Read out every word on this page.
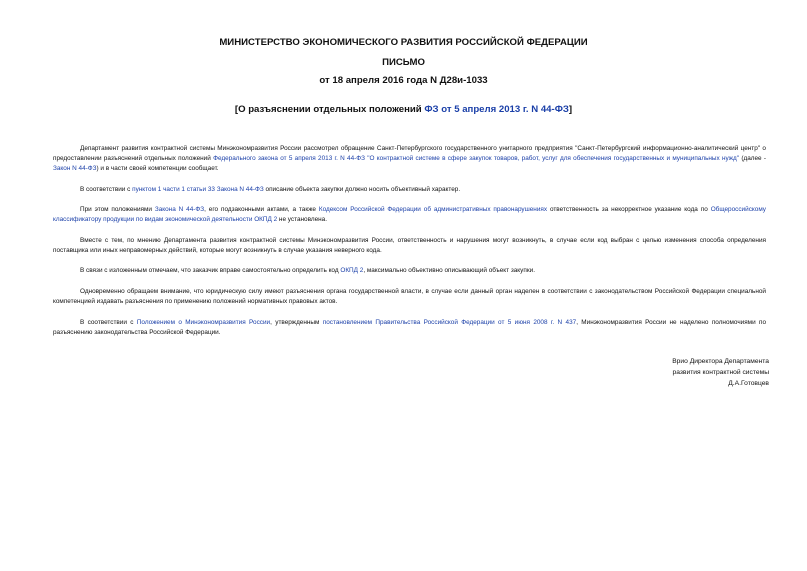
МИНИСТЕРСТВО ЭКОНОМИЧЕСКОГО РАЗВИТИЯ РОССИЙСКОЙ ФЕДЕРАЦИИ
ПИСЬМО
от 18 апреля 2016 года N Д28и-1033
[О разъяснении отдельных положений ФЗ от 5 апреля 2013 г. N 44-ФЗ]

Департамент развития контрактной системы Минэкономразвития России рассмотрел обращение Санкт-Петербургского государственного унитарного предприятия "Санкт-Петербургский информационно-аналитический центр" о предоставлении разъяснений отдельных положений Федерального закона от 5 апреля 2013 г. N 44-ФЗ "О контрактной системе в сфере закупок товаров, работ, услуг для обеспечения государственных и муниципальных нужд" (далее - Закон N 44-ФЗ) и в части своей компетенции сообщает.

В соответствии с пунктом 1 части 1 статьи 33 Закона N 44-ФЗ описание объекта закупки должно носить объективный характер.

При этом положениями Закона N 44-ФЗ, его подзаконными актами, а также Кодексом Российской Федерации об административных правонарушениях ответственность за некорректное указание кода по Общероссийскому классификатору продукции по видам экономической деятельности ОКПД 2 не установлена.

Вместе с тем, по мнению Департамента развития контрактной системы Минэкономразвития России, ответственность и нарушения могут возникнуть, в случае если код выбран с целью изменения способа определения поставщика или иных неправомерных действий, которые могут возникнуть в случае указания неверного кода.

В связи с изложенным отмечаем, что заказчик вправе самостоятельно определить код ОКПД 2, максимально объективно описывающий объект закупки.

Одновременно обращаем внимание, что юридическую силу имеют разъяснения органа государственной власти, в случае если данный орган наделен в соответствии с законодательством Российской Федерации специальной компетенцией издавать разъяснения по применению положений нормативных правовых актов.

В соответствии с Положением о Минэкономразвития России, утвержденным постановлением Правительства Российской Федерации от 5 июня 2008 г. N 437, Минэкономразвития России не наделено полномочиями по разъяснению законодательства Российской Федерации.

Врио Директора Департамента
развития контрактной системы
Д.А.Готовцев
